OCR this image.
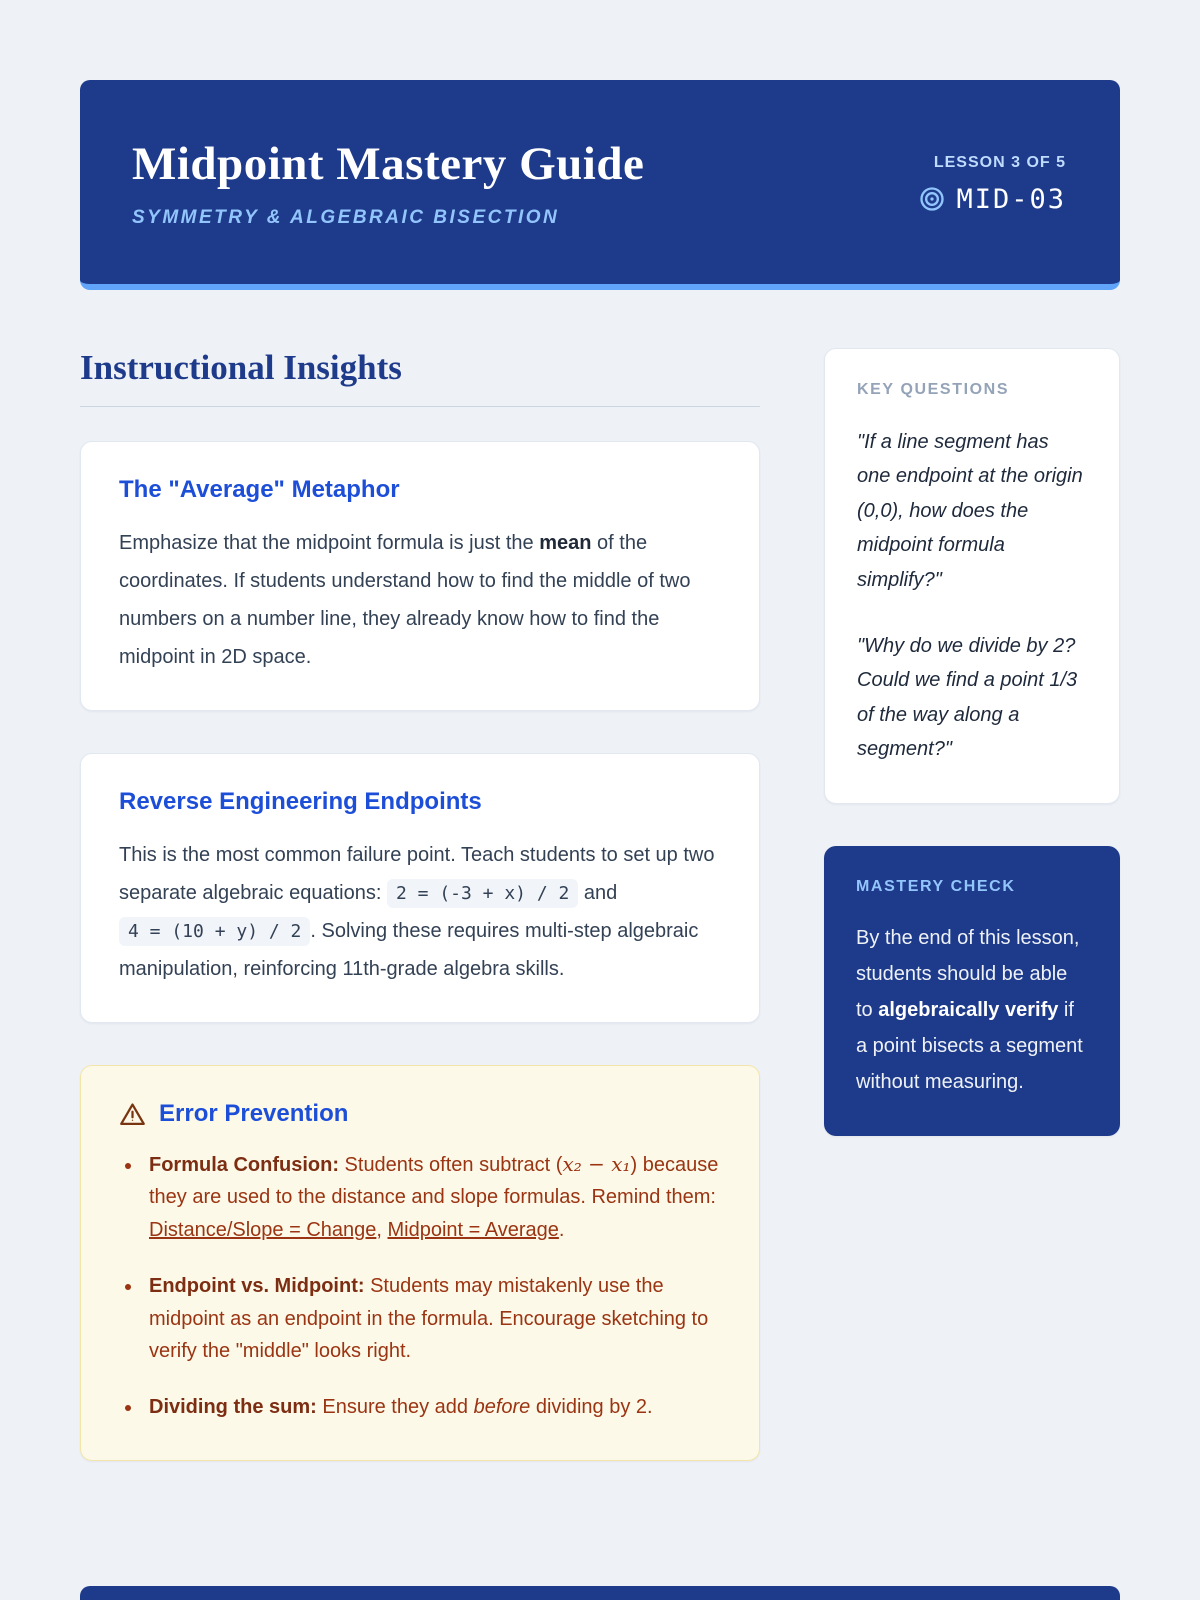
Midpoint Mastery Guide
SYMMETRY & ALGEBRAIC BISECTION
LESSON 3 OF 5
MID-03
Instructional Insights
The "Average" Metaphor

Emphasize that the midpoint formula is just the mean of the coordinates. If students understand how to find the middle of two numbers on a number line, they already know how to find the midpoint in 2D space.

Reverse Engineering Endpoints

This is the most common failure point. Teach students to set up two separate algebraic equations: 2 = (-3 + x) / 2 and 4 = (10 + y) / 2 . Solving these requires multi-step algebraic manipulation, reinforcing 11th-grade algebra skills.

Error Prevention
• Formula Confusion: Students often subtract (x₂ − x₁) because they are used to the distance and slope formulas. Remind them: Distance/Slope = Change, Midpoint = Average.
• Endpoint vs. Midpoint: Students may mistakenly use the midpoint as an endpoint in the formula. Encourage sketching to verify the "middle" looks right.
• Dividing the sum: Ensure they add before dividing by 2.
KEY QUESTIONS

"If a line segment has one endpoint at the origin (0,0), how does the midpoint formula simplify?"

"Why do we divide by 2? Could we find a point 1/3 of the way along a segment?"

MASTERY CHECK

By the end of this lesson, students should be able to algebraically verify if a point bisects a segment without measuring.
